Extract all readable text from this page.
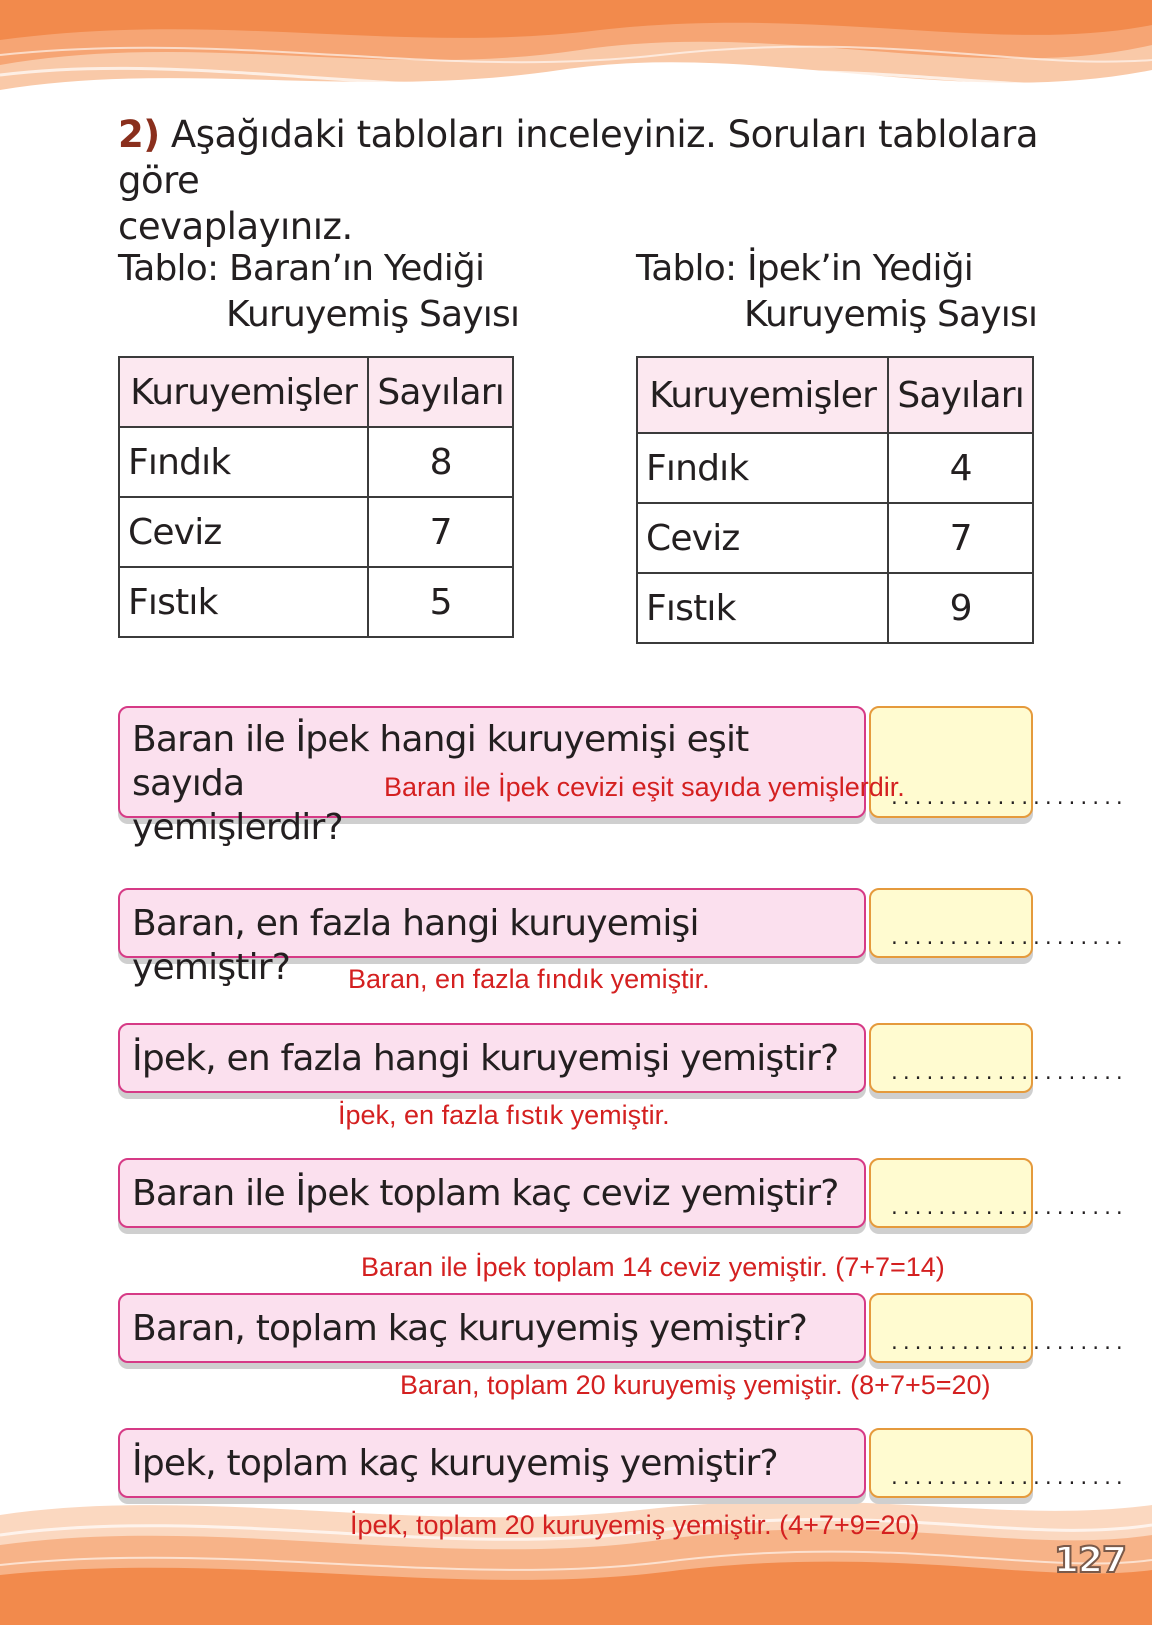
2) Aşağıdaki tabloları inceleyiniz. Soruları tablolara göre
cevaplayınız.
Tablo: Baran’ın Yediği
Kuruyemiş Sayısı
Kuruyemişler	Sayıları
Fındık	8
Ceviz	7
Fıstık	5
Tablo: İpek’in Yediği
Kuruyemiş Sayısı
Kuruyemişler	Sayıları
Fındık	4
Ceviz	7
Fıstık	9
Baran ile İpek hangi kuruyemişi eşit sayıda
yemişlerdir?
....................
Baran ile İpek cevizi eşit sayıda yemişlerdir.
Baran, en fazla hangi kuruyemişi yemiştir?
....................
Baran, en fazla fındık yemiştir.
İpek, en fazla hangi kuruyemişi yemiştir?	....................
İpek, en fazla fıstık yemiştir.
Baran ile İpek toplam kaç ceviz yemiştir?	....................
Baran ile İpek toplam 14 ceviz yemiştir. (7+7=14)
Baran, toplam kaç kuruyemiş yemiştir?	....................
Baran, toplam 20 kuruyemiş yemiştir. (8+7+5=20)
İpek, toplam kaç kuruyemiş yemiştir?	....................
İpek, toplam 20 kuruyemiş yemiştir. (4+7+9=20)
127
